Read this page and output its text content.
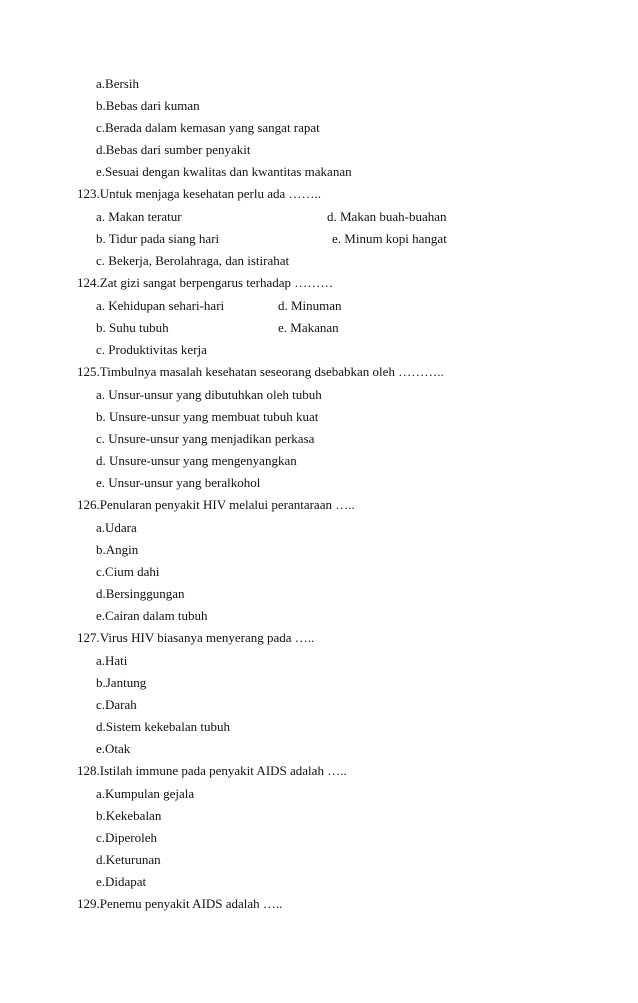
a.Bersih
b.Bebas dari kuman
c.Berada dalam kemasan yang sangat rapat
d.Bebas dari sumber penyakit
e.Sesuai dengan kwalitas dan kwantitas makanan
123.Untuk menjaga kesehatan perlu ada ……..
a. Makan teratur	d. Makan buah-buahan
b. Tidur pada siang hari	e. Minum kopi hangat
c. Bekerja, Berolahraga, dan istirahat
124.Zat gizi sangat berpengarus terhadap ………
a. Kehidupan sehari-hari	d. Minuman
b. Suhu tubuh	e. Makanan
c. Produktivitas kerja
125.Timbulnya masalah kesehatan seseorang dsebabkan oleh ………..
a. Unsur-unsur yang dibutuhkan oleh tubuh
b. Unsure-unsur yang membuat tubuh kuat
c. Unsure-unsur yang menjadikan perkasa
d. Unsure-unsur yang mengenyangkan
e. Unsur-unsur yang beralkohol
126.Penularan penyakit HIV melalui perantaraan …..
a.Udara
b.Angin
c.Cium dahi
d.Bersinggungan
e.Cairan dalam tubuh
127.Virus HIV biasanya menyerang pada …..
a.Hati
b.Jantung
c.Darah
d.Sistem kekebalan tubuh
e.Otak
128.Istilah immune pada penyakit AIDS adalah …..
a.Kumpulan gejala
b.Kekebalan
c.Diperoleh
d.Keturunan
e.Didapat
129.Penemu penyakit AIDS adalah …..
